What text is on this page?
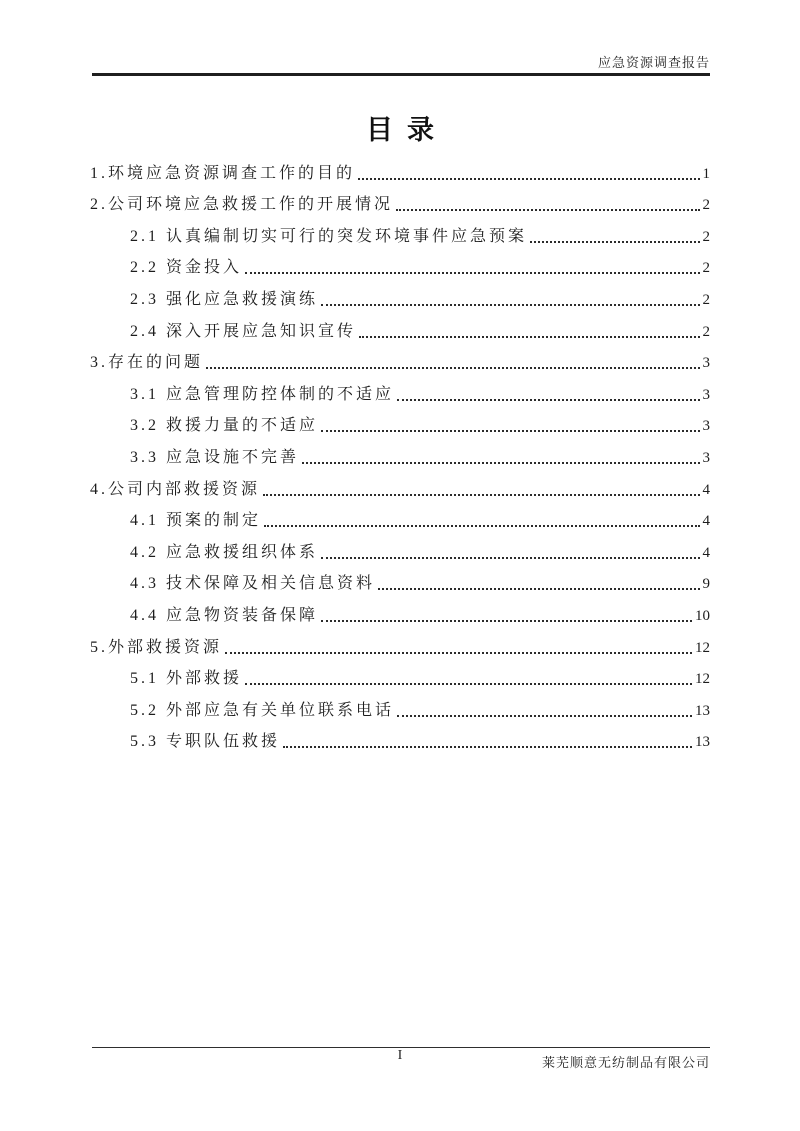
应急资源调查报告
目录
1.环境应急资源调查工作的目的	1
2.公司环境应急救援工作的开展情况	2
2.1 认真编制切实可行的突发环境事件应急预案	2
2.2 资金投入	2
2.3 强化应急救援演练	2
2.4 深入开展应急知识宣传	2
3.存在的问题	3
3.1 应急管理防控体制的不适应	3
3.2 救援力量的不适应	3
3.3 应急设施不完善	3
4.公司内部救援资源	4
4.1 预案的制定	4
4.2 应急救援组织体系	4
4.3 技术保障及相关信息资料	9
4.4 应急物资装备保障	10
5.外部救援资源	12
5.1 外部救援	12
5.2 外部应急有关单位联系电话	13
5.3 专职队伍救援	13
I	莱芜顺意无纺制品有限公司
